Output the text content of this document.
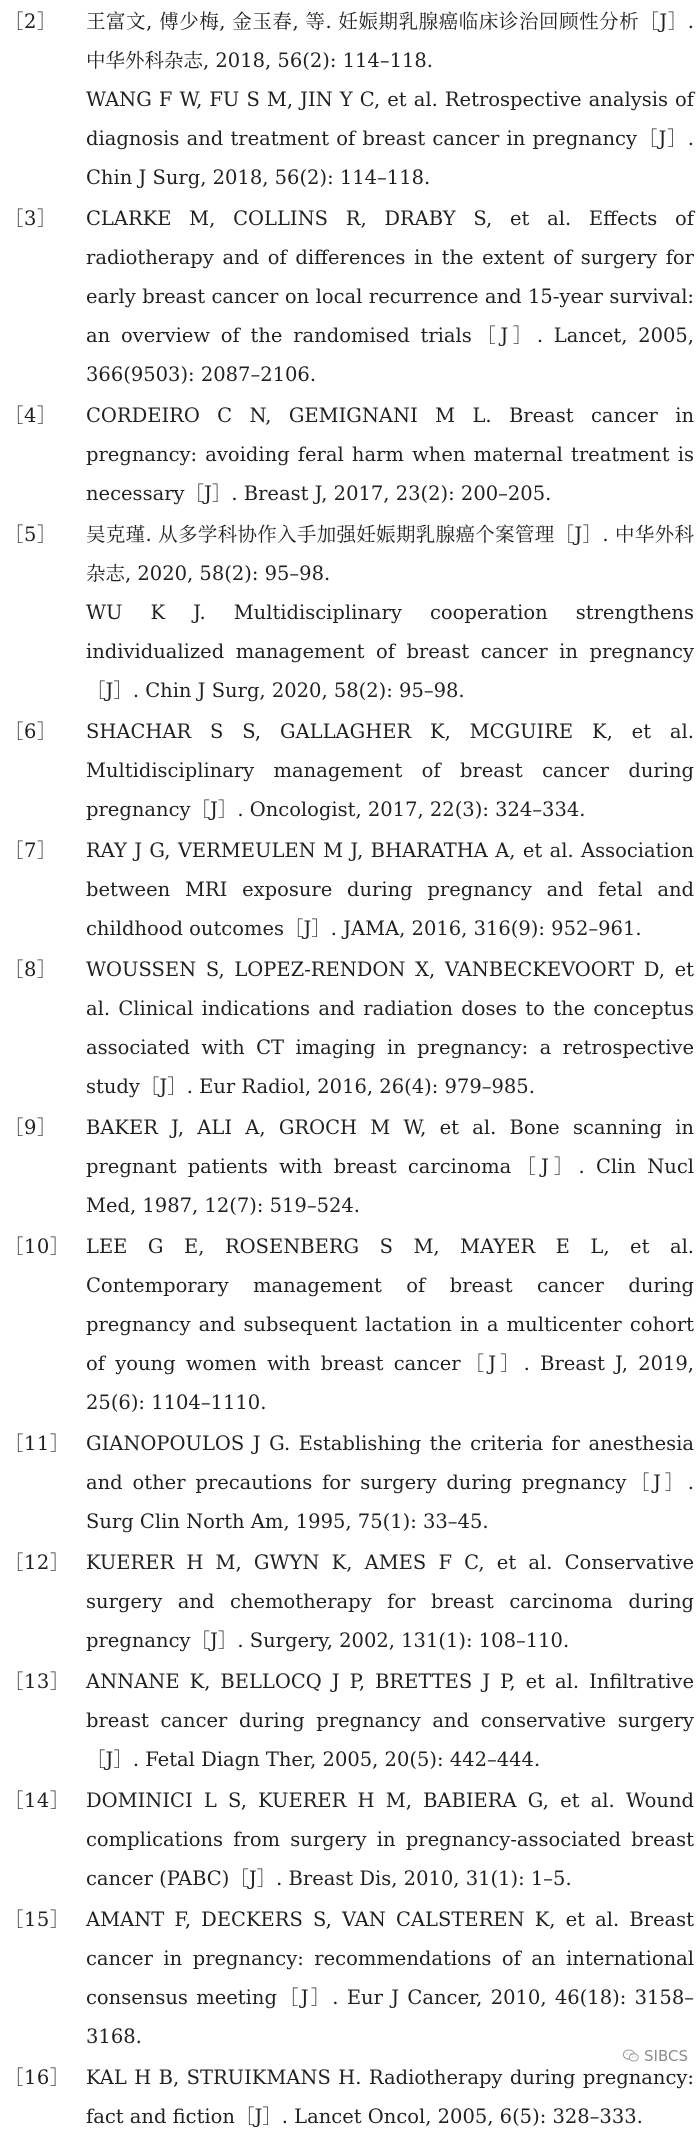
［2］	王富文, 傅少梅, 金玉春, 等. 妊娠期乳腺癌临床诊治回顾性分析［J］. 中华外科杂志, 2018, 56(2): 114–118.
WANG F W, FU S M, JIN Y C, et al. Retrospective analysis of diagnosis and treatment of breast cancer in pregnancy［J］. Chin J Surg, 2018, 56(2): 114–118.
［3］	CLARKE M, COLLINS R, DRABY S, et al. Effects of radiotherapy and of differences in the extent of surgery for early breast cancer on local recurrence and 15-year survival: an overview of the randomised trials［J］. Lancet, 2005, 366(9503): 2087–2106.
［4］	CORDEIRO C N, GEMIGNANI M L. Breast cancer in pregnancy: avoiding feral harm when maternal treatment is necessary［J］. Breast J, 2017, 23(2): 200–205.
［5］	吴克瑾. 从多学科协作入手加强妊娠期乳腺癌个案管理［J］. 中华外科杂志, 2020, 58(2): 95–98.
WU K J. Multidisciplinary cooperation strengthens individualized management of breast cancer in pregnancy［J］. Chin J Surg, 2020, 58(2): 95–98.
［6］	SHACHAR S S, GALLAGHER K, MCGUIRE K, et al. Multidisciplinary management of breast cancer during pregnancy［J］. Oncologist, 2017, 22(3): 324–334.
［7］	RAY J G, VERMEULEN M J, BHARATHA A, et al. Association between MRI exposure during pregnancy and fetal and childhood outcomes［J］. JAMA, 2016, 316(9): 952–961.
［8］	WOUSSEN S, LOPEZ-RENDON X, VANBECKEVOORT D, et al. Clinical indications and radiation doses to the conceptus associated with CT imaging in pregnancy: a retrospective study［J］. Eur Radiol, 2016, 26(4): 979–985.
［9］	BAKER J, ALI A, GROCH M W, et al. Bone scanning in pregnant patients with breast carcinoma［J］. Clin Nucl Med, 1987, 12(7): 519–524.
［10］ LEE G E, ROSENBERG S M, MAYER E L, et al. Contemporary management of breast cancer during pregnancy and subsequent lactation in a multicenter cohort of young women with breast cancer［J］. Breast J, 2019, 25(6): 1104–1110.
［11］ GIANOPOULOS J G. Establishing the criteria for anesthesia and other precautions for surgery during pregnancy［J］. Surg Clin North Am, 1995, 75(1): 33–45.
［12］ KUERER H M, GWYN K, AMES F C, et al. Conservative surgery and chemotherapy for breast carcinoma during pregnancy［J］. Surgery, 2002, 131(1): 108–110.
［13］ ANNANE K, BELLOCQ J P, BRETTES J P, et al. Infiltrative breast cancer during pregnancy and conservative surgery［J］. Fetal Diagn Ther, 2005, 20(5): 442–444.
［14］ DOMINICI L S, KUERER H M, BABIERA G, et al. Wound complications from surgery in pregnancy-associated breast cancer (PABC)［J］. Breast Dis, 2010, 31(1): 1–5.
［15］ AMANT F, DECKERS S, VAN CALSTEREN K, et al. Breast cancer in pregnancy: recommendations of an international consensus meeting［J］. Eur J Cancer, 2010, 46(18): 3158–3168.
［16］ KAL H B, STRUIKMANS H. Radiotherapy during pregnancy: fact and fiction［J］. Lancet Oncol, 2005, 6(5): 328–333.
SIBCS
